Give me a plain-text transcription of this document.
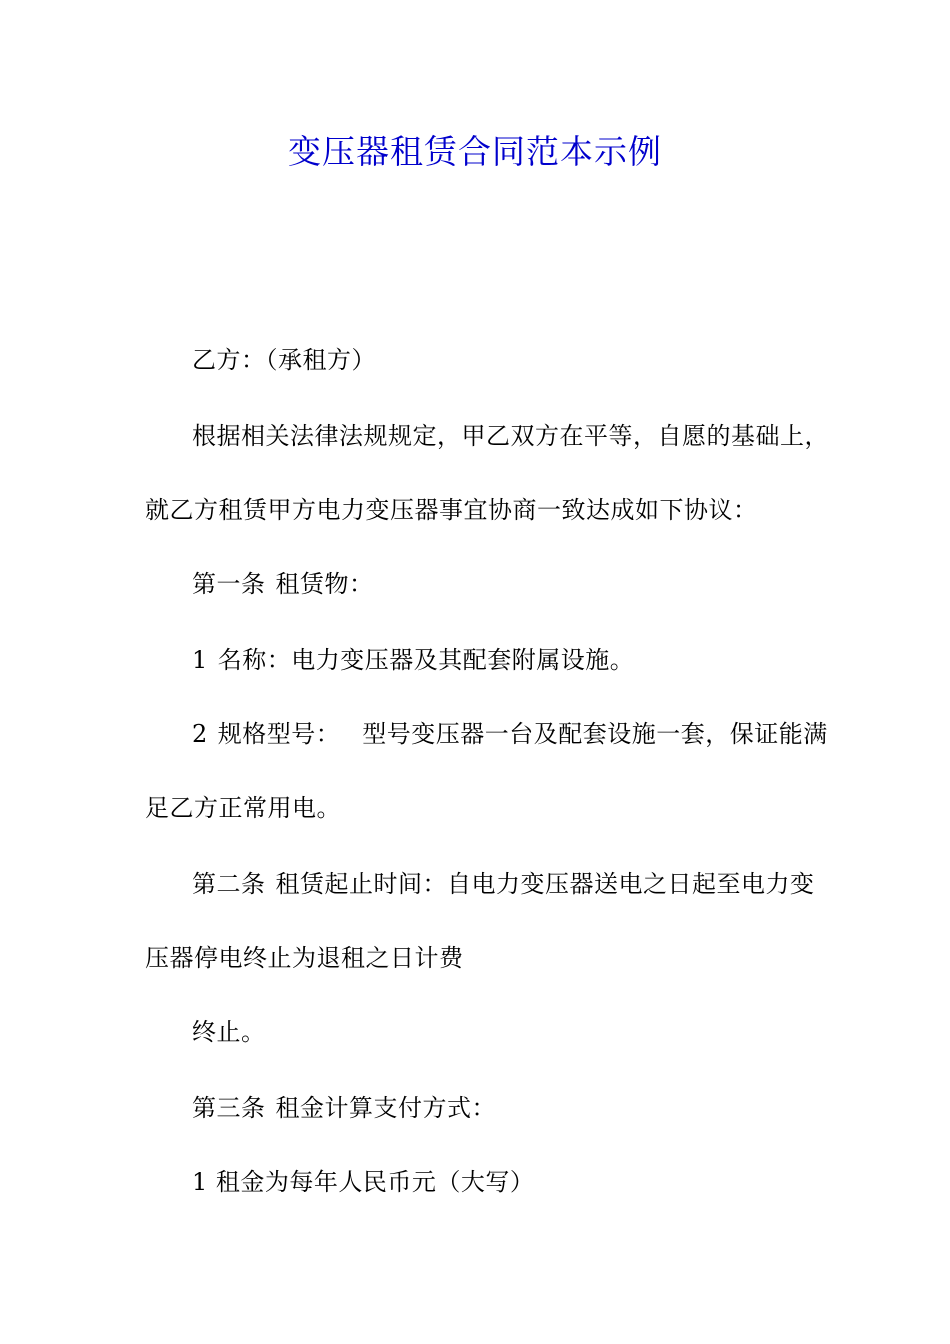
变压器租赁合同范本示例
乙方：（承租方）
根据相关法律法规规定，甲乙双方在平等，自愿的基础上，
就乙方租赁甲方电力变压器事宜协商一致达成如下协议：
第一条 租赁物：
1 名称：电力变压器及其配套附属设施。
2 规格型号： 型号变压器一台及配套设施一套，保证能满
足乙方正常用电。
第二条 租赁起止时间：自电力变压器送电之日起至电力变
压器停电终止为退租之日计费
终止。
第三条 租金计算支付方式：
1 租金为每年人民币元（大写）
